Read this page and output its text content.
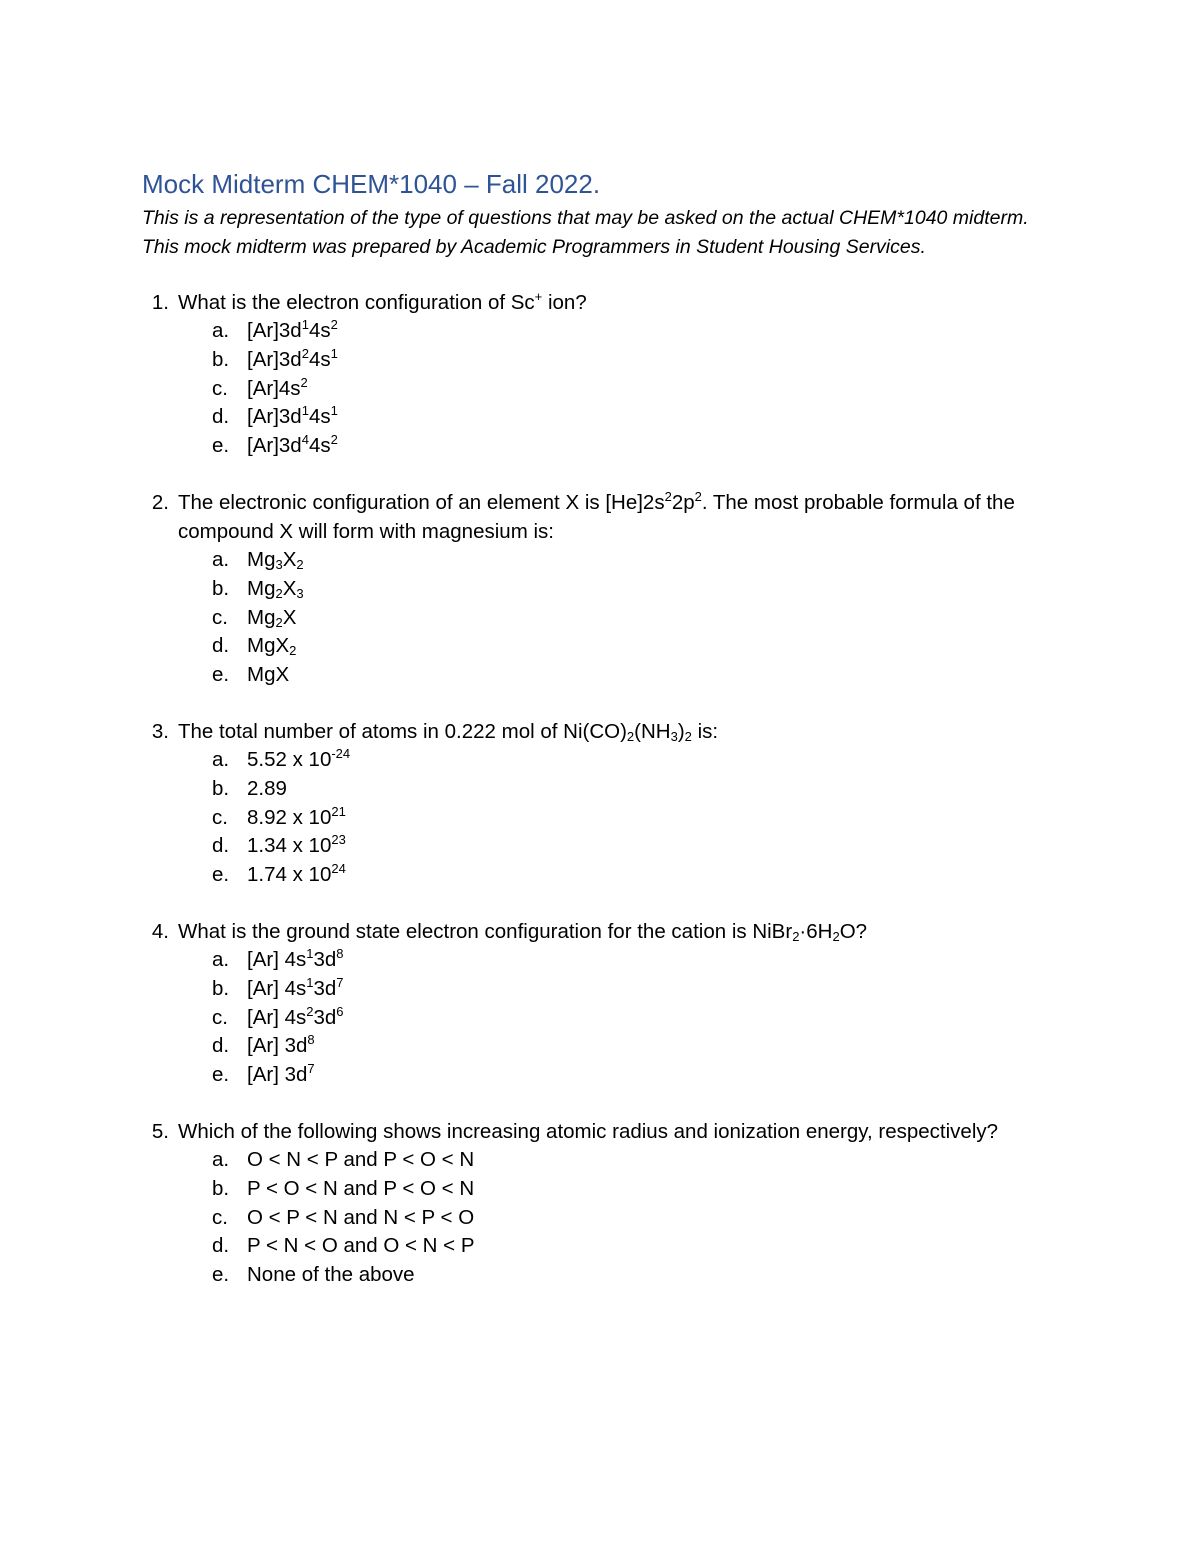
Mock Midterm CHEM*1040 – Fall 2022.

This is a representation of the type of questions that may be asked on the actual CHEM*1040 midterm.
This mock midterm was prepared by Academic Programmers in Student Housing Services.

1. What is the electron configuration of Sc+ ion?
a. $[Ar]3d^14s^2$
b. $[Ar]3d^24s^1$
c. $[Ar]4s^2$
d. $[Ar]3d^14s^1$
e. $[Ar]3d^44s^2$
2. The electronic configuration of an element X is $[He]2s^22p^2$. The most probable formula of the compound X will form with magnesium is:
a. $Mg_3X_2$
b. $Mg_2X_3$
c. $Mg_2X$
d. MgX$_2$
e. MgX
3. The total number of atoms in 0.222 mol of $Ni(CO)_2(NH_3)_2$ is:
a. 5.52 x $10^{-24}$
b. 2.89
c. 8.92 x $10^{21}$
d. 1.34 x $10^{23}$
e. 1.74 x $10^{24}$
4. What is the ground state electron configuration for the cation is $NiBr_2\cdot 6H_2O$?
a. [Ar] $4s^13d^8$
b. [Ar] $4s^13d^7$
c. [Ar] $4s^23d^6$
d. [Ar] $3d^8$
e. [Ar] $3d^7$
5. Which of the following shows increasing atomic radius and ionization energy, respectively?
a. O < N < P and P < O < N
b. P < O < N and P < O < N
c. O < P < N and N < P < O
d. P < N < O and O < N < P
e. None of the above
